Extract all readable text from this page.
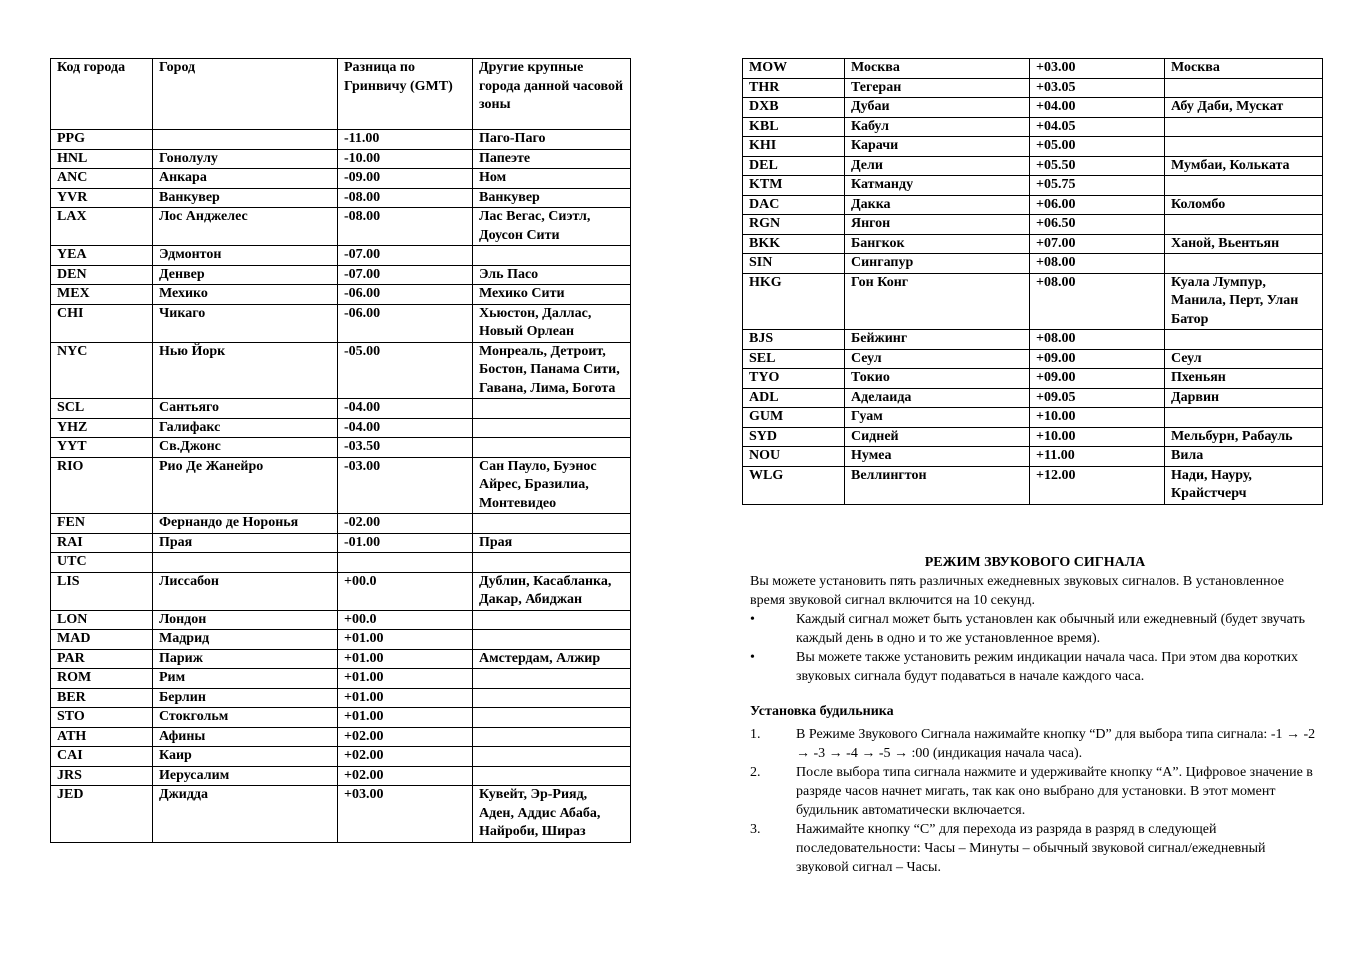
Код города	Город	Разница по Гринвичу (GMT)	Другие крупные города данной часовой зоны
PPG		-11.00	Паго-Паго
HNL	Гонолулу	-10.00	Папеэте
ANC	Анкара	-09.00	Ном
YVR	Ванкувер	-08.00	Ванкувер
LAX	Лос Анджелес	-08.00	Лас Вегас, Сиэтл, Доусон Сити
YEA	Эдмонтон	-07.00	
DEN	Денвер	-07.00	Эль Пасо
MEX	Мехико	-06.00	Мехико Сити
CHI	Чикаго	-06.00	Хьюстон, Даллас, Новый Орлеан
NYC	Нью Йорк	-05.00	Монреаль, Детроит, Бостон, Панама Сити, Гавана, Лима, Богота
SCL	Сантьяго	-04.00	
YHZ	Галифакс	-04.00	
YYT	Св.Джонс	-03.50	
RIO	Рио Де Жанейро	-03.00	Сан Пауло, Буэнос Айрес, Бразилиа, Монтевидео
FEN	Фернандо де Норонья	-02.00	
RAI	Прая	-01.00	Прая
UTC			
LIS	Лиссабон	+00.0	Дублин, Касабланка, Дакар, Абиджан
LON	Лондон	+00.0	
MAD	Мадрид	+01.00	
PAR	Париж	+01.00	Амстердам, Алжир
ROM	Рим	+01.00	
BER	Берлин	+01.00	
STO	Стокгольм	+01.00	
ATH	Афины	+02.00	
CAI	Каир	+02.00	
JRS	Иерусалим	+02.00	
JED	Джидда	+03.00	Кувейт, Эр-Рияд, Аден, Аддис Абаба, Найроби, Шираз
MOW	Москва	+03.00	Москва
THR	Тегеран	+03.05	
DXB	Дубаи	+04.00	Абу Даби, Мускат
KBL	Кабул	+04.05	
KHI	Карачи	+05.00	
DEL	Дели	+05.50	Мумбаи, Кольката
KTM	Катманду	+05.75	
DAC	Дакка	+06.00	Коломбо
RGN	Янгон	+06.50	
BKK	Бангкок	+07.00	Ханой, Вьентьян
SIN	Сингапур	+08.00	
HKG	Гон Конг	+08.00	Куала Лумпур, Манила, Перт, Улан Батор
BJS	Бейжинг	+08.00	
SEL	Сеул	+09.00	Сеул
TYO	Токио	+09.00	Пхеньян
ADL	Аделаида	+09.05	Дарвин
GUM	Гуам	+10.00	
SYD	Сидней	+10.00	Мельбурн, Рабауль
NOU	Нумеа	+11.00	Вила
WLG	Веллингтон	+12.00	Нади, Науру, Крайстчерч
РЕЖИМ ЗВУКОВОГО СИГНАЛА

Вы можете установить пять различных ежедневных звуковых сигналов. В установленное время звуковой сигнал включится на 10 секунд.

•	Каждый сигнал может быть установлен как обычный или ежедневный (будет звучать каждый день в одно и то же установленное время).
•	Вы можете также установить режим индикации начала часа. При этом два коротких звуковых сигнала будут подаваться в начале каждого часа.
Установка будильника
1.	В Режиме Звукового Сигнала нажимайте кнопку “D” для выбора типа сигнала: -1 → -2 → -3 → -4 → -5 → :00 (индикация начала часа).
2.	После выбора типа сигнала нажмите и удерживайте кнопку “A”. Цифровое значение в разряде часов начнет мигать, так как оно выбрано для установки. В этот момент будильник автоматически включается.
3.	Нажимайте кнопку “C” для перехода из разряда в разряд в следующей последовательности: Часы – Минуты – обычный звуковой сигнал/ежедневный звуковой сигнал – Часы.
